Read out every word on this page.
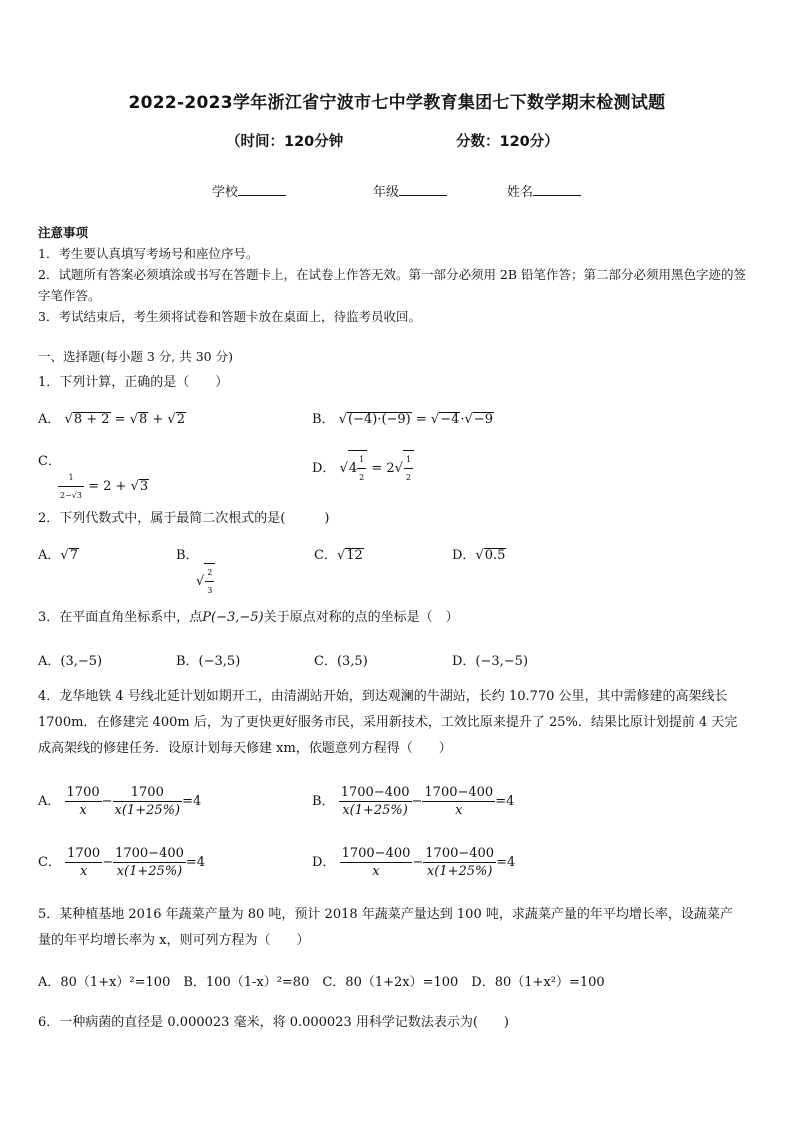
2022-2023学年浙江省宁波市七中学教育集团七下数学期末检测试题
（时间：120分钟	分数：120分）
学校	年级	姓名
注意事项
1．考生要认真填写考场号和座位序号。
2．试题所有答案必须填涂或书写在答题卡上，在试卷上作答无效。第一部分必须用 2B 铅笔作答；第二部分必须用黑色字迹的签字笔作答。
3．考试结束后，考生须将试卷和答题卡放在桌面上，待监考员收回。
一、选择题(每小题 3 分, 共 30 分)
1．下列计算，正确的是（　　）
A． √8 + 2 = √8 + √2	B． √(−4)·(−9) = √−4·√−9
C．

$\frac{1}{2-√3} = 2 + √3$
D． $√4 \frac{1}{2} = 2√ \frac{1}{2}$
2．下列代数式中，属于最简二次根式的是(　　　)
A．√7	B．
√ $\frac{2}{3}$
C．√12	D．√0.5
3．在平面直角坐标系中，点P(−3,−5)关于原点对称的点的坐标是（　）
A．(3,−5)	B．(−3,5)	C．(3,5)	D．(−3,−5)
4．龙华地铁 4 号线北延计划如期开工，由清湖站开始，到达观澜的牛湖站，长约 10.770 公里，其中需修建的高架线长
1700m．在修建完 400m 后，为了更快更好服务市民，采用新技术，工效比原来提升了 25%．结果比原计划提前 4 天完
成高架线的修建任务．设原计划每天修建 xm，依题意列方程得（　　）
A． $\frac{1700}{x} - \frac{1700}{x(1+25\%)} =4$	B． $\frac{1700-400}{x(1+25\%)} - \frac{1700-400}{x} =4$
C． $\frac{1700}{x} - \frac{1700-400}{x(1+25\%)} =4$	D． $\frac{1700-400}{x} - \frac{1700-400}{x(1+25\%)} =4$
5．某种植基地 2016 年蔬菜产量为 80 吨，预计 2018 年蔬菜产量达到 100 吨，求蔬菜产量的年平均增长率，设蔬菜产
量的年平均增长率为 x，则可列方程为（　　）
A．80（1+x）²=100　B．100（1-x）²=80　C．80（1+2x）=100　D．80（1+x²）=100
6．一种病菌的直径是 0.000023 毫米，将 0.000023 用科学记数法表示为(　　)
